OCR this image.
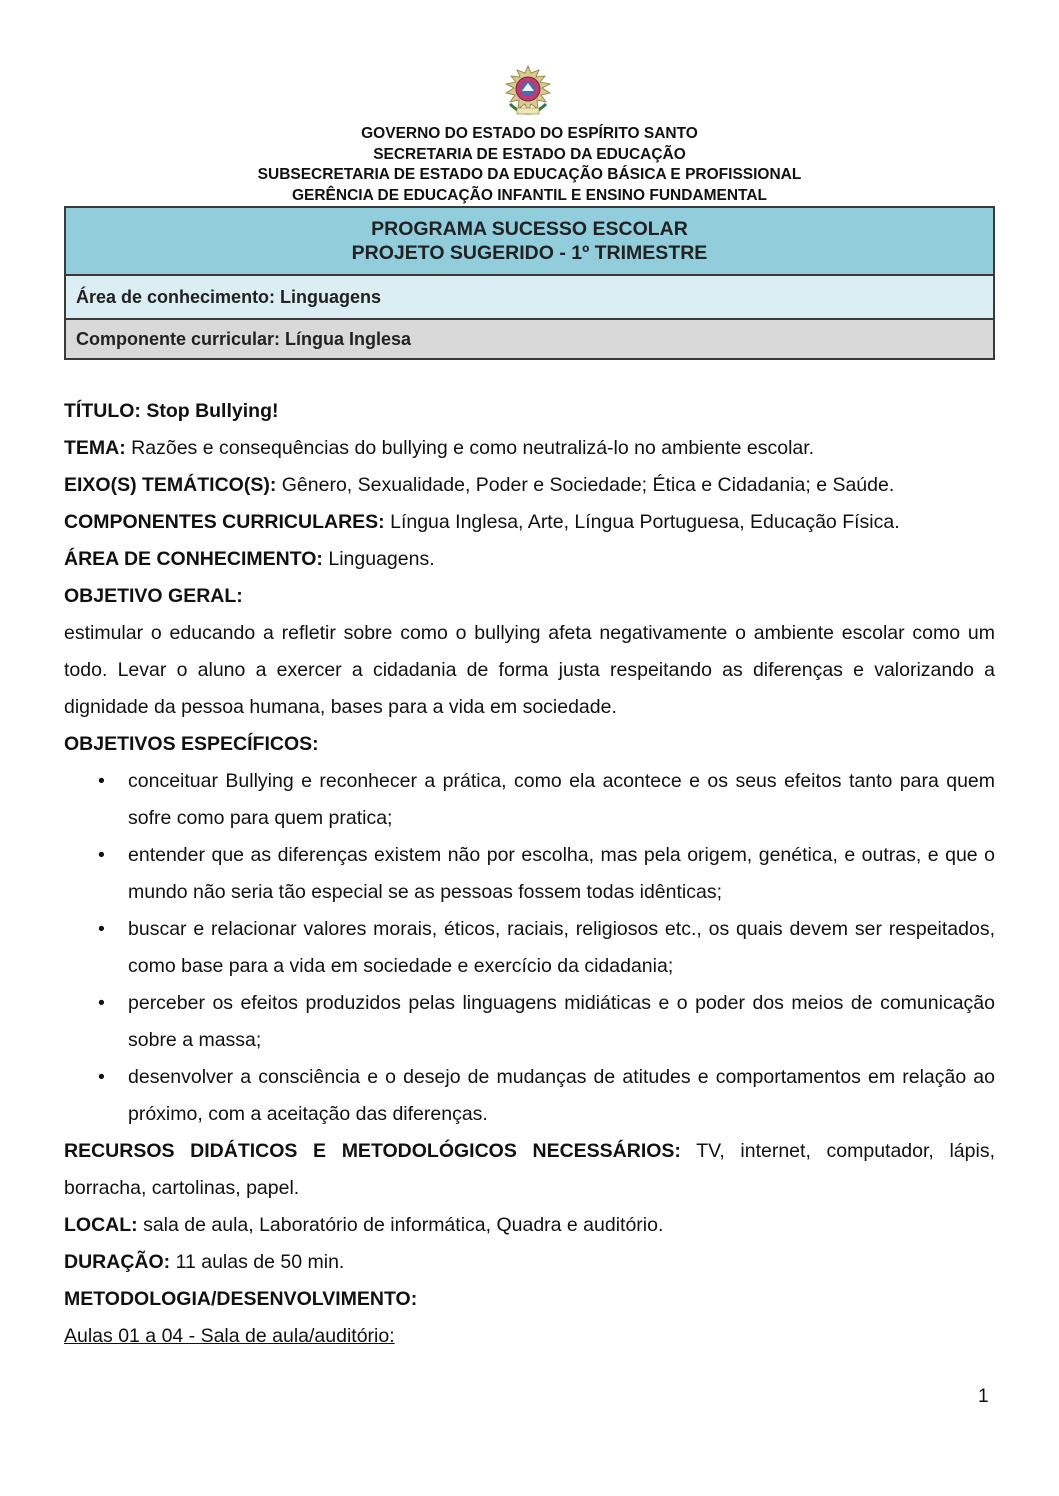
GOVERNO DO ESTADO DO ESPÍRITO SANTO
SECRETARIA DE ESTADO DA EDUCAÇÃO
SUBSECRETARIA DE ESTADO DA EDUCAÇÃO BÁSICA E PROFISSIONAL
GERÊNCIA DE EDUCAÇÃO INFANTIL E ENSINO FUNDAMENTAL
PROGRAMA SUCESSO ESCOLAR
PROJETO SUGERIDO - 1º TRIMESTRE

Área de conhecimento: Linguagens
Componente curricular: Língua Inglesa

TÍTULO: Stop Bullying!

TEMA: Razões e consequências do bullying e como neutralizá-lo no ambiente escolar.

EIXO(S) TEMÁTICO(S): Gênero, Sexualidade, Poder e Sociedade; Ética e Cidadania; e Saúde.

COMPONENTES CURRICULARES: Língua Inglesa, Arte, Língua Portuguesa, Educação Física.

ÁREA DE CONHECIMENTO: Linguagens.

OBJETIVO GERAL:

estimular o educando a refletir sobre como o bullying afeta negativamente o ambiente escolar como um todo. Levar o aluno a exercer a cidadania de forma justa respeitando as diferenças e valorizando a dignidade da pessoa humana, bases para a vida em sociedade.

OBJETIVOS ESPECÍFICOS:

• conceituar Bullying e reconhecer a prática, como ela acontece e os seus efeitos tanto para quem sofre como para quem pratica;
• entender que as diferenças existem não por escolha, mas pela origem, genética, e outras, e que o mundo não seria tão especial se as pessoas fossem todas idênticas;
• buscar e relacionar valores morais, éticos, raciais, religiosos etc., os quais devem ser respeitados, como base para a vida em sociedade e exercício da cidadania;
• perceber os efeitos produzidos pelas linguagens midiáticas e o poder dos meios de comunicação sobre a massa;
• desenvolver a consciência e o desejo de mudanças de atitudes e comportamentos em relação ao próximo, com a aceitação das diferenças.

RECURSOS DIDÁTICOS E METODOLÓGICOS NECESSÁRIOS: TV, internet, computador, lápis, borracha, cartolinas, papel.

LOCAL: sala de aula, Laboratório de informática, Quadra e auditório.

DURAÇÃO: 11 aulas de 50 min.

METODOLOGIA/DESENVOLVIMENTO:

Aulas 01 a 04 - Sala de aula/auditório:

1
